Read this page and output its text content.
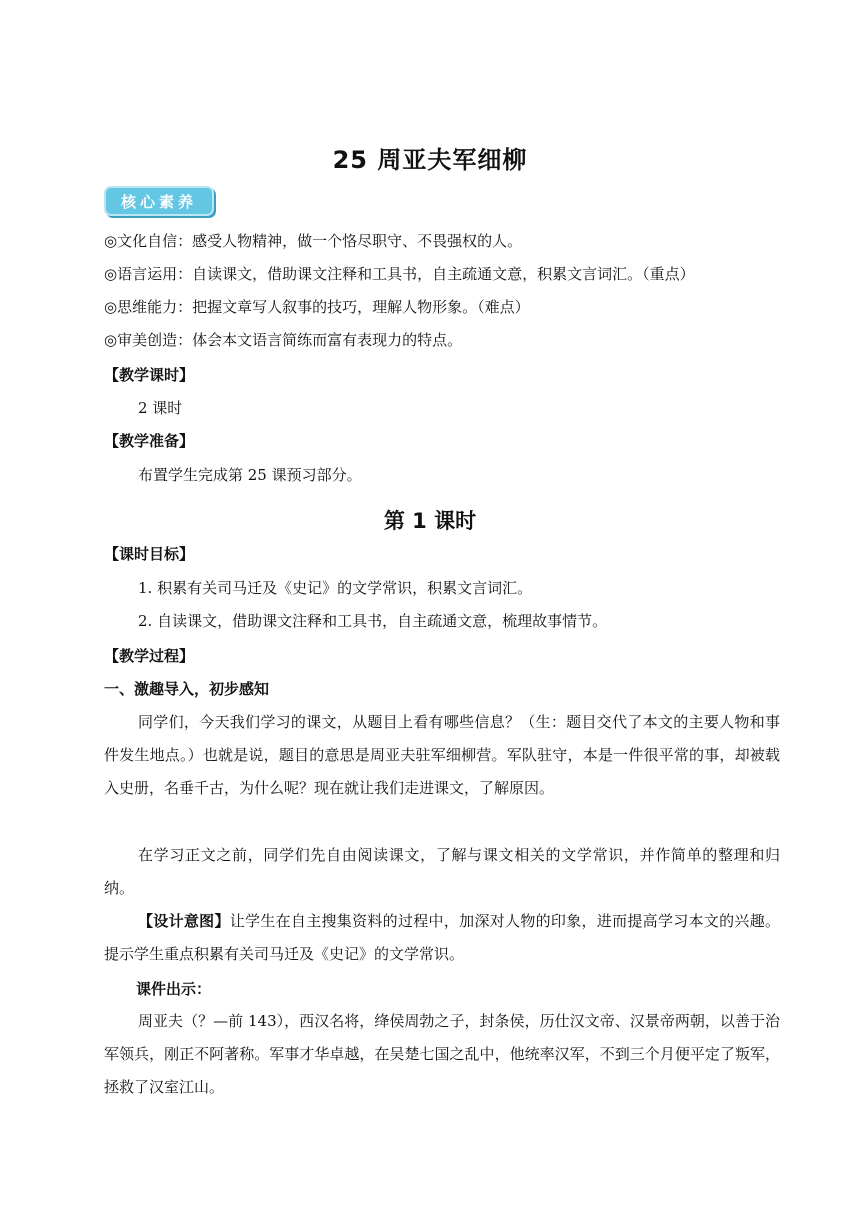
25 周亚夫军细柳
核心素养
◎文化自信：感受人物精神，做一个恪尽职守、不畏强权的人。
◎语言运用：自读课文，借助课文注释和工具书，自主疏通文意，积累文言词汇。（重点）
◎思维能力：把握文章写人叙事的技巧，理解人物形象。（难点）
◎审美创造：体会本文语言简练而富有表现力的特点。
【教学课时】
2 课时
【教学准备】
布置学生完成第 25 课预习部分。
第 1 课时
【课时目标】
1. 积累有关司马迁及《史记》的文学常识，积累文言词汇。
2. 自读课文，借助课文注释和工具书，自主疏通文意，梳理故事情节。
【教学过程】
一、激趣导入，初步感知
同学们，今天我们学习的课文，从题目上看有哪些信息？（生：题目交代了本文的主要人物和事件发生地点。）也就是说，题目的意思是周亚夫驻军细柳营。军队驻守，本是一件很平常的事，却被载入史册，名垂千古，为什么呢？现在就让我们走进课文，了解原因。
在学习正文之前，同学们先自由阅读课文，了解与课文相关的文学常识，并作简单的整理和归纳。
【设计意图】让学生在自主搜集资料的过程中，加深对人物的印象，进而提高学习本文的兴趣。提示学生重点积累有关司马迁及《史记》的文学常识。
课件出示：
周亚夫（？—前 143），西汉名将，绛侯周勃之子，封条侯，历仕汉文帝、汉景帝两朝，以善于治军领兵，刚正不阿著称。军事才华卓越，在吴楚七国之乱中，他统率汉军，不到三个月便平定了叛军，拯救了汉室江山。
